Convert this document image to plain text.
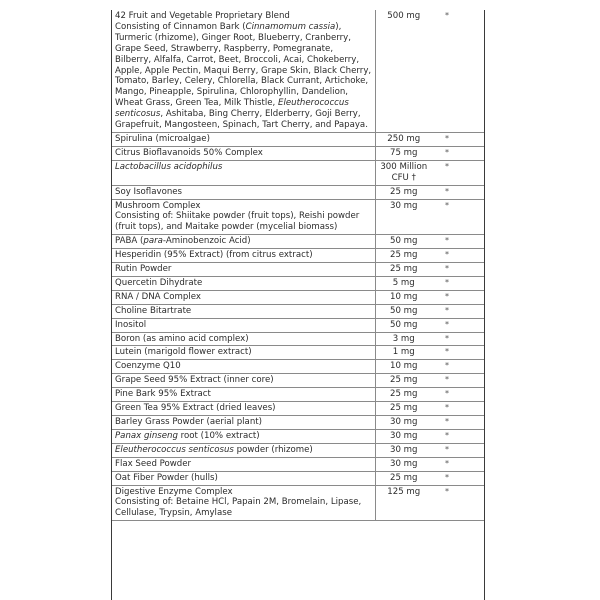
42 Fruit and Vegetable Proprietary Blend
Consisting of Cinnamon Bark (Cinnamomum cassia), Turmeric (rhizome), Ginger Root, Blueberry, Cranberry, Grape Seed, Strawberry, Raspberry, Pomegranate, Bilberry, Alfalfa, Carrot, Beet, Broccoli, Acai, Chokeberry, Apple, Apple Pectin, Maqui Berry, Grape Skin, Black Cherry, Tomato, Barley, Celery, Chlorella, Black Currant, Artichoke, Mango, Pineapple, Spirulina, Chlorophyllin, Dandelion, Wheat Grass, Green Tea, Milk Thistle, Eleutherococcus senticosus, Ashitaba, Bing Cherry, Elderberry, Goji Berry, Grapefruit, Mangosteen, Spinach, Tart Cherry, and Papaya.	500 mg	*

Spirulina (microalgae)	250 mg	*

Citrus Bioflavanoids 50% Complex	75 mg	*

Lactobacillus acidophilus	300 Million CFU †	*

Soy Isoflavones	25 mg	*

Mushroom Complex
Consisting of: Shiitake powder (fruit tops), Reishi powder (fruit tops), and Maitake powder (mycelial biomass)	30 mg	*

PABA (para-Aminobenzoic Acid)	50 mg	*

Hesperidin (95% Extract) (from citrus extract)	25 mg	*

Rutin Powder	25 mg	*

Quercetin Dihydrate	5 mg	*

RNA / DNA Complex	10 mg	*

Choline Bitartrate	50 mg	*

Inositol	50 mg	*

Boron (as amino acid complex)	3 mg	*

Lutein (marigold flower extract)	1 mg	*

Coenzyme Q10	10 mg	*

Grape Seed 95% Extract (inner core)	25 mg	*

Pine Bark 95% Extract	25 mg	*

Green Tea 95% Extract (dried leaves)	25 mg	*

Barley Grass Powder (aerial plant)	30 mg	*

Panax ginseng root (10% extract)	30 mg	*

Eleutherococcus senticosus powder (rhizome)	30 mg	*

Flax Seed Powder	30 mg	*

Oat Fiber Powder (hulls)	25 mg	*

Digestive Enzyme Complex
Consisting of: Betaine HCl, Papain 2M, Bromelain, Lipase, Cellulase, Trypsin, Amylase	125 mg	*
